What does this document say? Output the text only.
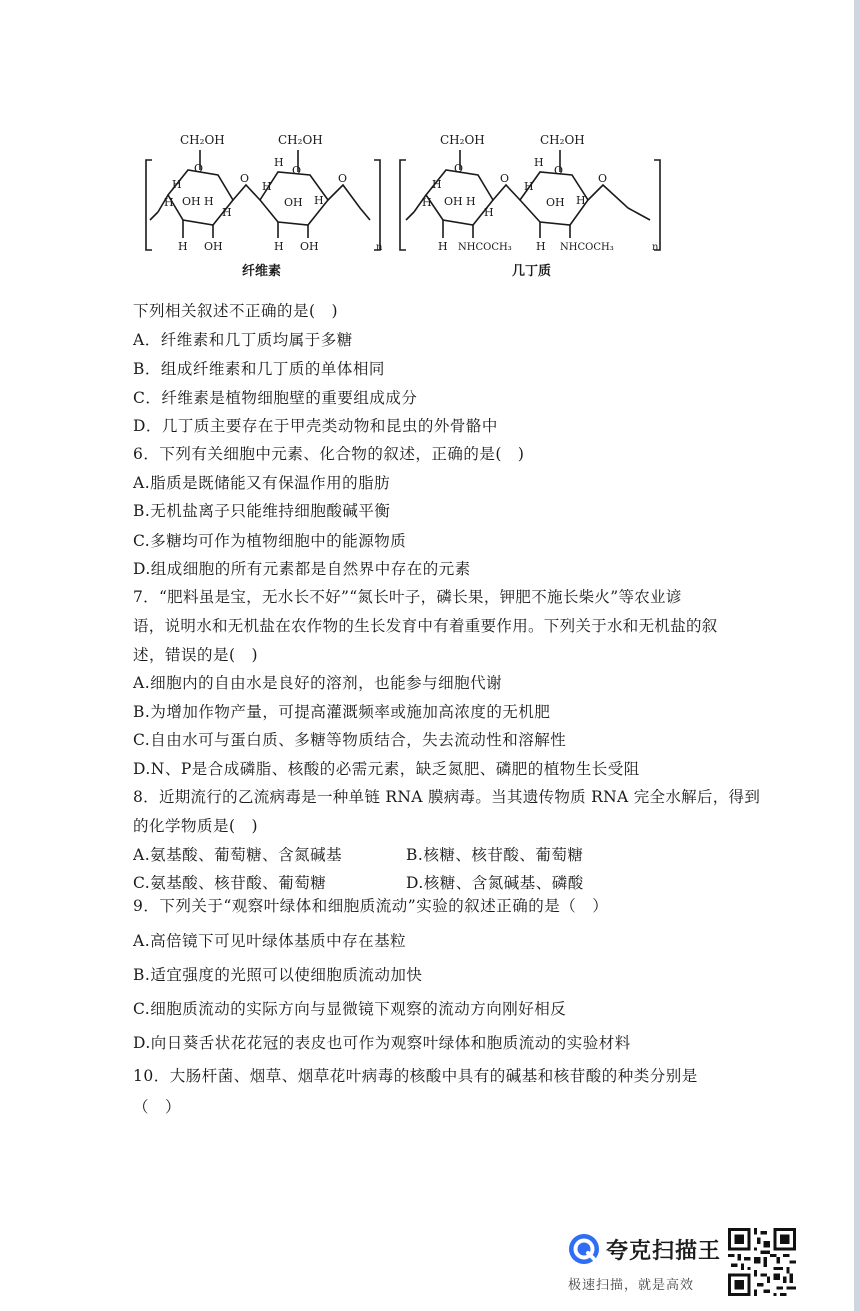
CH₂OH	CH₂OH
O	O
H
H OH H
H
O
H OH
H
H
OH H
O
H OH	n
纤维素
CH₂OH	CH₂OH
O	O
H
H OH H
H
O
H NHCOCH₃
H
H
OH H
O
H NHCOCH₃	n
几丁质
下列相关叙述不正确的是(　)
A．纤维素和几丁质均属于多糖
B．组成纤维素和几丁质的单体相同
C．纤维素是植物细胞壁的重要组成成分
D．几丁质主要存在于甲壳类动物和昆虫的外骨骼中
6．下列有关细胞中元素、化合物的叙述，正确的是(　)
A.脂质是既储能又有保温作用的脂肪
B.无机盐离子只能维持细胞酸碱平衡
C.多糖均可作为植物细胞中的能源物质
D.组成细胞的所有元素都是自然界中存在的元素
7．“肥料虽是宝，无水长不好”“氮长叶子，磷长果，钾肥不施长柴火”等农业谚
语，说明水和无机盐在农作物的生长发育中有着重要作用。下列关于水和无机盐的叙
述，错误的是(　)
A.细胞内的自由水是良好的溶剂，也能参与细胞代谢
B.为增加作物产量，可提高灌溉频率或施加高浓度的无机肥
C.自由水可与蛋白质、多糖等物质结合，失去流动性和溶解性
D.N、P是合成磷脂、核酸的必需元素，缺乏氮肥、磷肥的植物生长受阻
8．近期流行的乙流病毒是一种单链 RNA 膜病毒。当其遗传物质 RNA 完全水解后，得到
的化学物质是(　)
A.氨基酸、葡萄糖、含氮碱基	B.核糖、核苷酸、葡萄糖
C.氨基酸、核苷酸、葡萄糖	D.核糖、含氮碱基、磷酸
9．下列关于“观察叶绿体和细胞质流动”实验的叙述正确的是（　）
A.高倍镜下可见叶绿体基质中存在基粒
B.适宜强度的光照可以使细胞质流动加快
C.细胞质流动的实际方向与显微镜下观察的流动方向刚好相反
D.向日葵舌状花花冠的表皮也可作为观察叶绿体和胞质流动的实验材料
10．大肠杆菌、烟草、烟草花叶病毒的核酸中具有的碱基和核苷酸的种类分别是
（　）
夸克扫描王
极速扫描，就是高效
